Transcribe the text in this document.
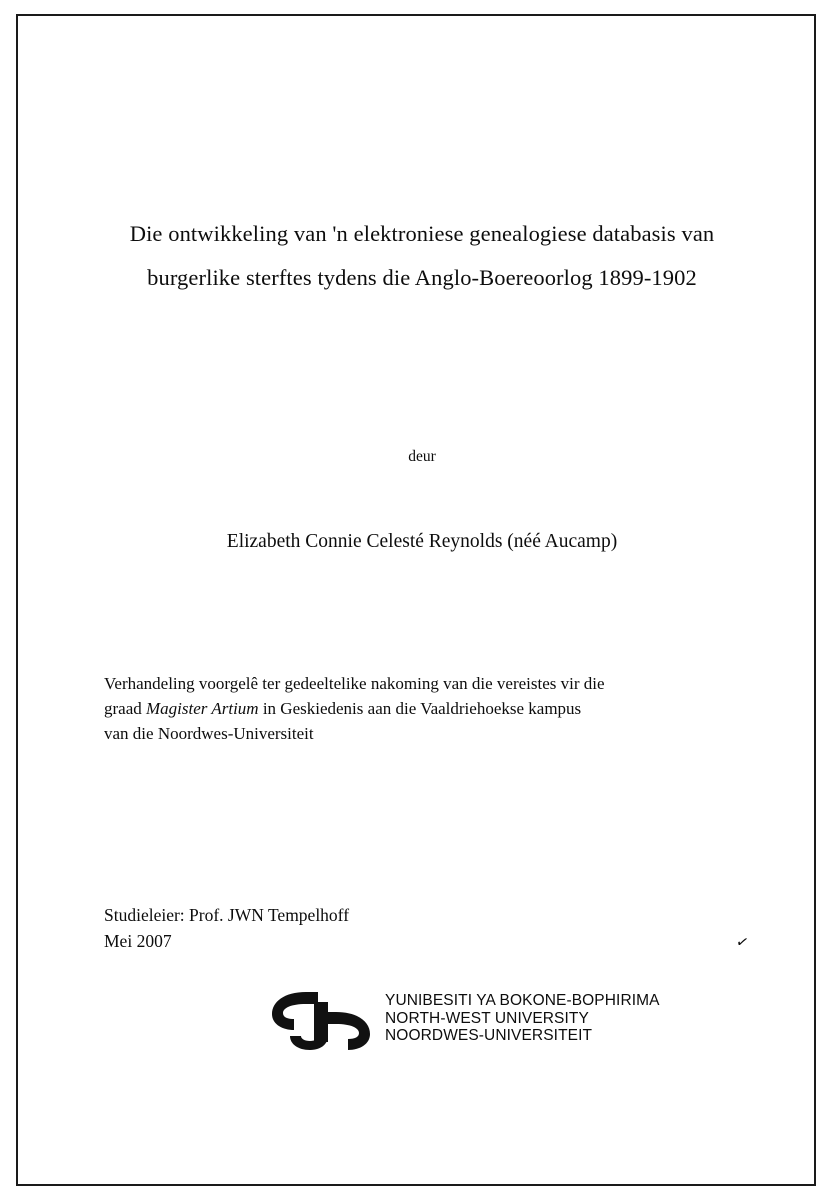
Die ontwikkeling van 'n elektroniese genealogiese databasis van
burgerlike sterftes tydens die Anglo-Boereoorlog 1899-1902
deur
Elizabeth Connie Celesté Reynolds (néé Aucamp)

Verhandeling voorgelê ter gedeeltelike nakoming van die vereistes vir die

graad Magister Artium in Geskiedenis aan die Vaaldriehoekse kampus

van die Noordwes-Universiteit

Studieleier: Prof. JWN Tempelhoff
Mei 2007	✓
YUNIBESITI YA BOKONE-BOPHIRIMA
NORTH-WEST UNIVERSITY
NOORDWES-UNIVERSITEIT
